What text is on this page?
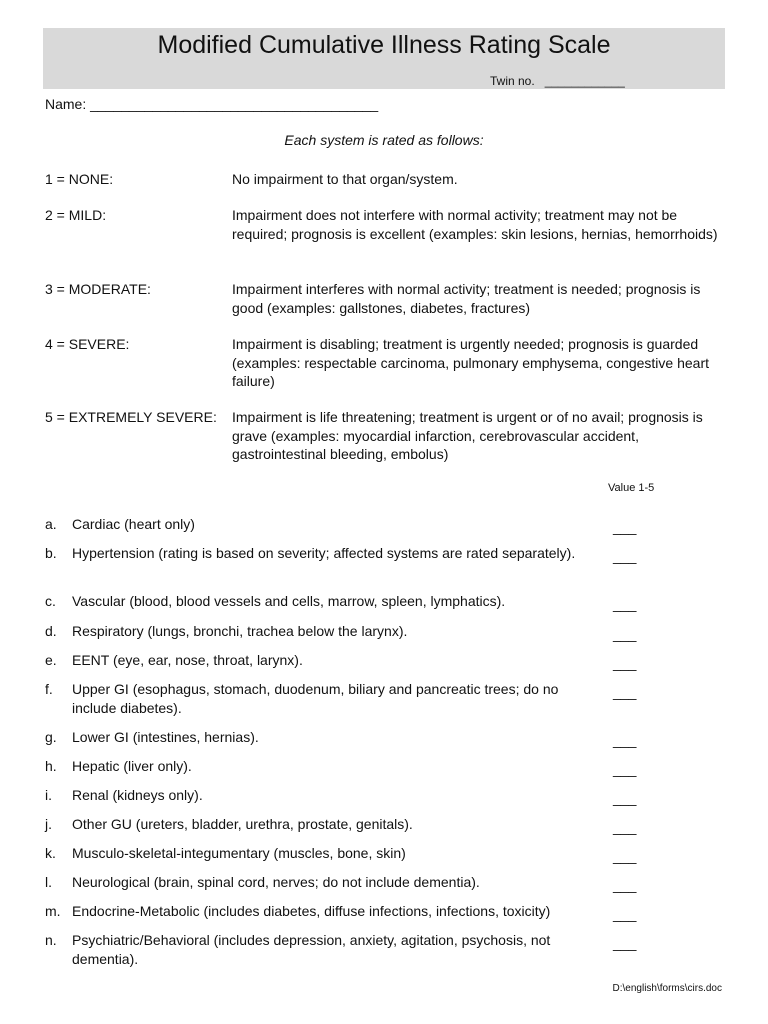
Modified Cumulative Illness Rating Scale
Twin no. ____________
Name: _____________________________________
Each system is rated as follows:
1 = NONE:	No impairment to that organ/system.
2 = MILD:	Impairment does not interfere with normal activity; treatment may not be required; prognosis is excellent (examples: skin lesions, hernias, hemorrhoids)
3 = MODERATE:	Impairment interferes with normal activity; treatment is needed; prognosis is good (examples: gallstones, diabetes, fractures)
4 = SEVERE:	Impairment is disabling; treatment is urgently needed; prognosis is guarded (examples: respectable carcinoma, pulmonary emphysema, congestive heart failure)
5 = EXTREMELY SEVERE: Impairment is life threatening; treatment is urgent or of no avail; prognosis is grave (examples: myocardial infarction, cerebrovascular accident, gastrointestinal bleeding, embolus)
Value 1-5
a. Cardiac (heart only)	___
b. Hypertension (rating is based on severity; affected systems are rated separately).	___
c. Vascular (blood, blood vessels and cells, marrow, spleen, lymphatics).	___
d. Respiratory (lungs, bronchi, trachea below the larynx).	___
e. EENT (eye, ear, nose, throat, larynx).	___
f. Upper GI (esophagus, stomach, duodenum, biliary and pancreatic trees; do no include diabetes).
___
g. Lower GI (intestines, hernias).	___
h. Hepatic (liver only).	___
i. Renal (kidneys only).	___
j. Other GU (ureters, bladder, urethra, prostate, genitals).	___
k. Musculo-skeletal-integumentary (muscles, bone, skin)	___
l. Neurological (brain, spinal cord, nerves; do not include dementia).	___
m. Endocrine-Metabolic (includes diabetes, diffuse infections, infections, toxicity)	___
n. Psychiatric/Behavioral (includes depression, anxiety, agitation, psychosis, not dementia).
___
D:\english\forms\cirs.doc
